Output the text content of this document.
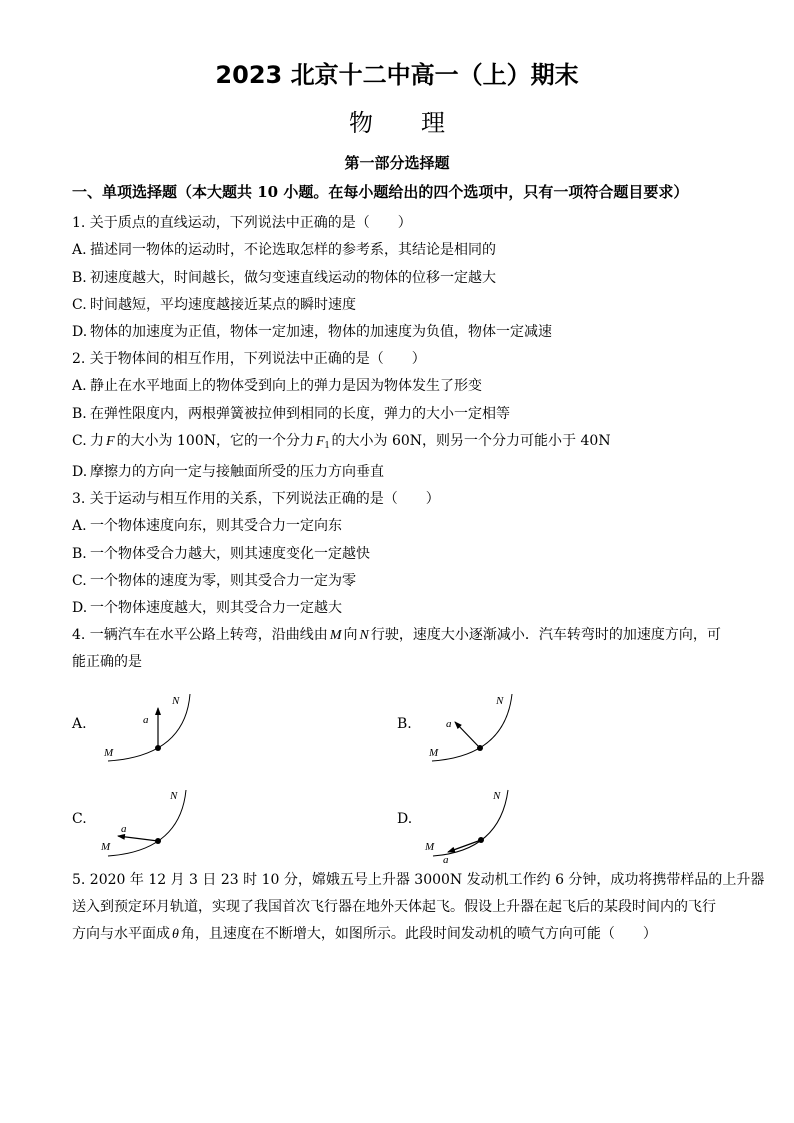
2023 北京十二中高一（上）期末
物　理
第一部分选择题
一、单项选择题（本大题共 10 小题。在每小题给出的四个选项中，只有一项符合题目要求）
1. 关于质点的直线运动，下列说法中正确的是（　　）
A. 描述同一物体的运动时，不论选取怎样的参考系，其结论是相同的
B. 初速度越大，时间越长，做匀变速直线运动的物体的位移一定越大
C. 时间越短，平均速度越接近某点的瞬时速度
D. 物体的加速度为正值，物体一定加速，物体的加速度为负值，物体一定减速
2. 关于物体间的相互作用，下列说法中正确的是（　　）
A. 静止在水平地面上的物体受到向上的弹力是因为物体发生了形变
B. 在弹性限度内，两根弹簧被拉伸到相同的长度，弹力的大小一定相等
C. 力 F 的大小为 100N，它的一个分力 $F_1$ 的大小为 60N，则另一个分力可能小于 40N
D. 摩擦力的方向一定与接触面所受的压力方向垂直
3. 关于运动与相互作用的关系，下列说法正确的是（　　）
A. 一个物体速度向东，则其受合力一定向东
B. 一个物体受合力越大，则其速度变化一定越快
C. 一个物体的速度为零，则其受合力一定为零
D. 一个物体速度越大，则其受合力一定越大
4. 一辆汽车在水平公路上转弯，沿曲线由 M 向 N 行驶，速度大小逐渐减小．汽车转弯时的加速度方向，可
能正确的是
a
M
N
A.	a
M
N
B.
a
M
N
C.
a
M
N
D.
5. 2020 年 12 月 3 日 23 时 10 分，嫦娥五号上升器 3000N 发动机工作约 6 分钟，成功将携带样品的上升器
送入到预定环月轨道，实现了我国首次飞行器在地外天体起飞。假设上升器在起飞后的某段时间内的飞行
方向与水平面成 θ 角，且速度在不断增大，如图所示。此段时间发动机的喷气方向可能（　　）
